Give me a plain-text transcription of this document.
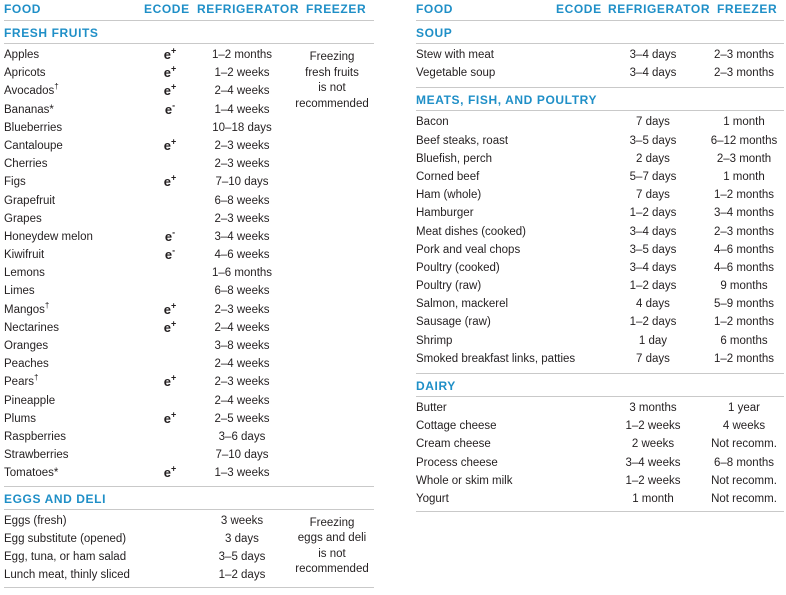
FOOD	ECODE REFRIGERATOR FREEZER
FRESH FRUITS
Freezing
fresh fruits
is not
recommended
Apples	e+	1–2 months
Apricots	e+	1–2 weeks
Avocados†	e+	2–4 weeks
Bananas*	e-	1–4 weeks
Blueberries	10–18 days
Cantaloupe	e+	2–3 weeks
Cherries	2–3 weeks
Figs	e+	7–10 days
Grapefruit	6–8 weeks
Grapes	2–3 weeks
Honeydew melon	e-	3–4 weeks
Kiwifruit	e-	4–6 weeks
Lemons	1–6 months
Limes	6–8 weeks
Mangos†	e+	2–3 weeks
Nectarines	e+	2–4 weeks
Oranges	3–8 weeks
Peaches	2–4 weeks
Pears†	e+	2–3 weeks
Pineapple	2–4 weeks
Plums	e+	2–5 weeks
Raspberries	3–6 days
Strawberries	7–10 days
Tomatoes*	e+	1–3 weeks
EGGS AND DELI
Freezing
eggs and deli
is not
recommended
Eggs (fresh)	3 weeks
Egg substitute (opened)	3 days
Egg, tuna, or ham salad	3–5 days
Lunch meat, thinly sliced	1–2 days
FOOD	ECODE REFRIGERATOR FREEZER
SOUP
Stew with meat	3–4 days	2–3 months
Vegetable soup	3–4 days	2–3 months
MEATS, FISH, AND POULTRY
Bacon	7 days	1 month
Beef steaks, roast	3–5 days	6–12 months
Bluefish, perch	2 days	2–3 month
Corned beef	5–7 days	1 month
Ham (whole)	7 days	1–2 months
Hamburger	1–2 days	3–4 months
Meat dishes (cooked)	3–4 days	2–3 months
Pork and veal chops	3–5 days	4–6 months
Poultry (cooked)	3–4 days	4–6 months
Poultry (raw)	1–2 days	9 months
Salmon, mackerel	4 days	5–9 months
Sausage (raw)	1–2 days	1–2 months
Shrimp	1 day	6 months
Smoked breakfast links, patties	7 days	1–2 months
DAIRY
Butter	3 months	1 year
Cottage cheese	1–2 weeks	4 weeks
Cream cheese	2 weeks	Not recomm.
Process cheese	3–4 weeks	6–8 months
Whole or skim milk	1–2 weeks	Not recomm.
Yogurt	1 month	Not recomm.
